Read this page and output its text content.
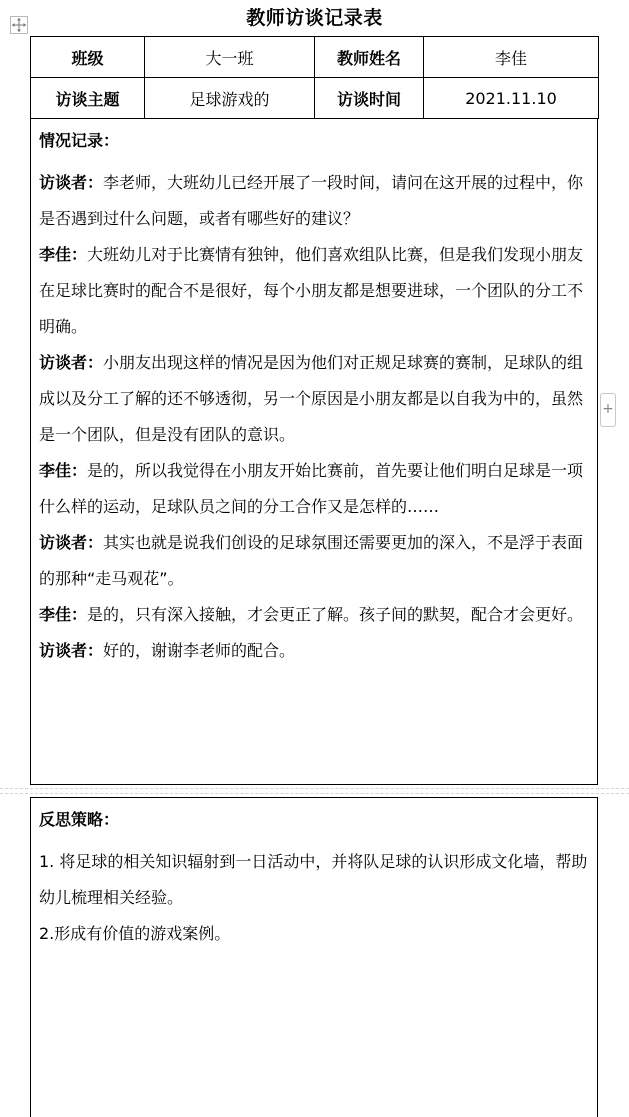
教师访谈记录表
班级	大一班	教师姓名	李佳
访谈主题	足球游戏的	访谈时间	2021.11.10
情况记录：

访谈者：李老师，大班幼儿已经开展了一段时间，请问在这开展的过程中，你是否遇到过什么问题，或者有哪些好的建议？

李佳：大班幼儿对于比赛情有独钟，他们喜欢组队比赛，但是我们发现小朋友在足球比赛时的配合不是很好，每个小朋友都是想要进球，一个团队的分工不明确。

访谈者：小朋友出现这样的情况是因为他们对正规足球赛的赛制，足球队的组成以及分工了解的还不够透彻，另一个原因是小朋友都是以自我为中的，虽然是一个团队，但是没有团队的意识。

李佳：是的，所以我觉得在小朋友开始比赛前，首先要让他们明白足球是一项什么样的运动，足球队员之间的分工合作又是怎样的……

访谈者：其实也就是说我们创设的足球氛围还需要更加的深入，不是浮于表面的那种“走马观花”。

李佳：是的，只有深入接触，才会更正了解。孩子间的默契，配合才会更好。

访谈者：好的，谢谢李老师的配合。

+
反思策略：

1. 将足球的相关知识辐射到一日活动中，并将队足球的认识形成文化墙，帮助幼儿梳理相关经验。

2.形成有价值的游戏案例。
